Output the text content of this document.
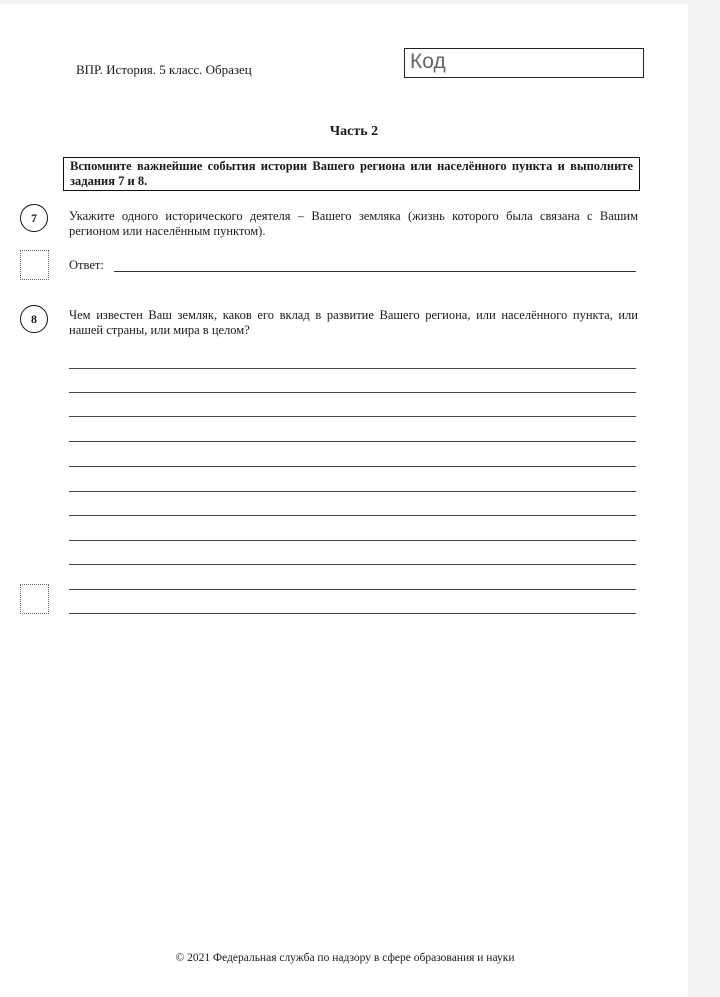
ВПР. История. 5 класс. Образец	Код
Часть 2
Вспомните важнейшие события истории Вашего региона или населённого пункта и выполните задания 7 и 8.
7	Укажите одного исторического деятеля – Вашего земляка (жизнь которого была связана с Вашим регионом или населённым пунктом).
Ответ:
8	Чем известен Ваш земляк, каков его вклад в развитие Вашего региона, или населённого пункта, или нашей страны, или мира в целом?
© 2021 Федеральная служба по надзору в сфере образования и науки
